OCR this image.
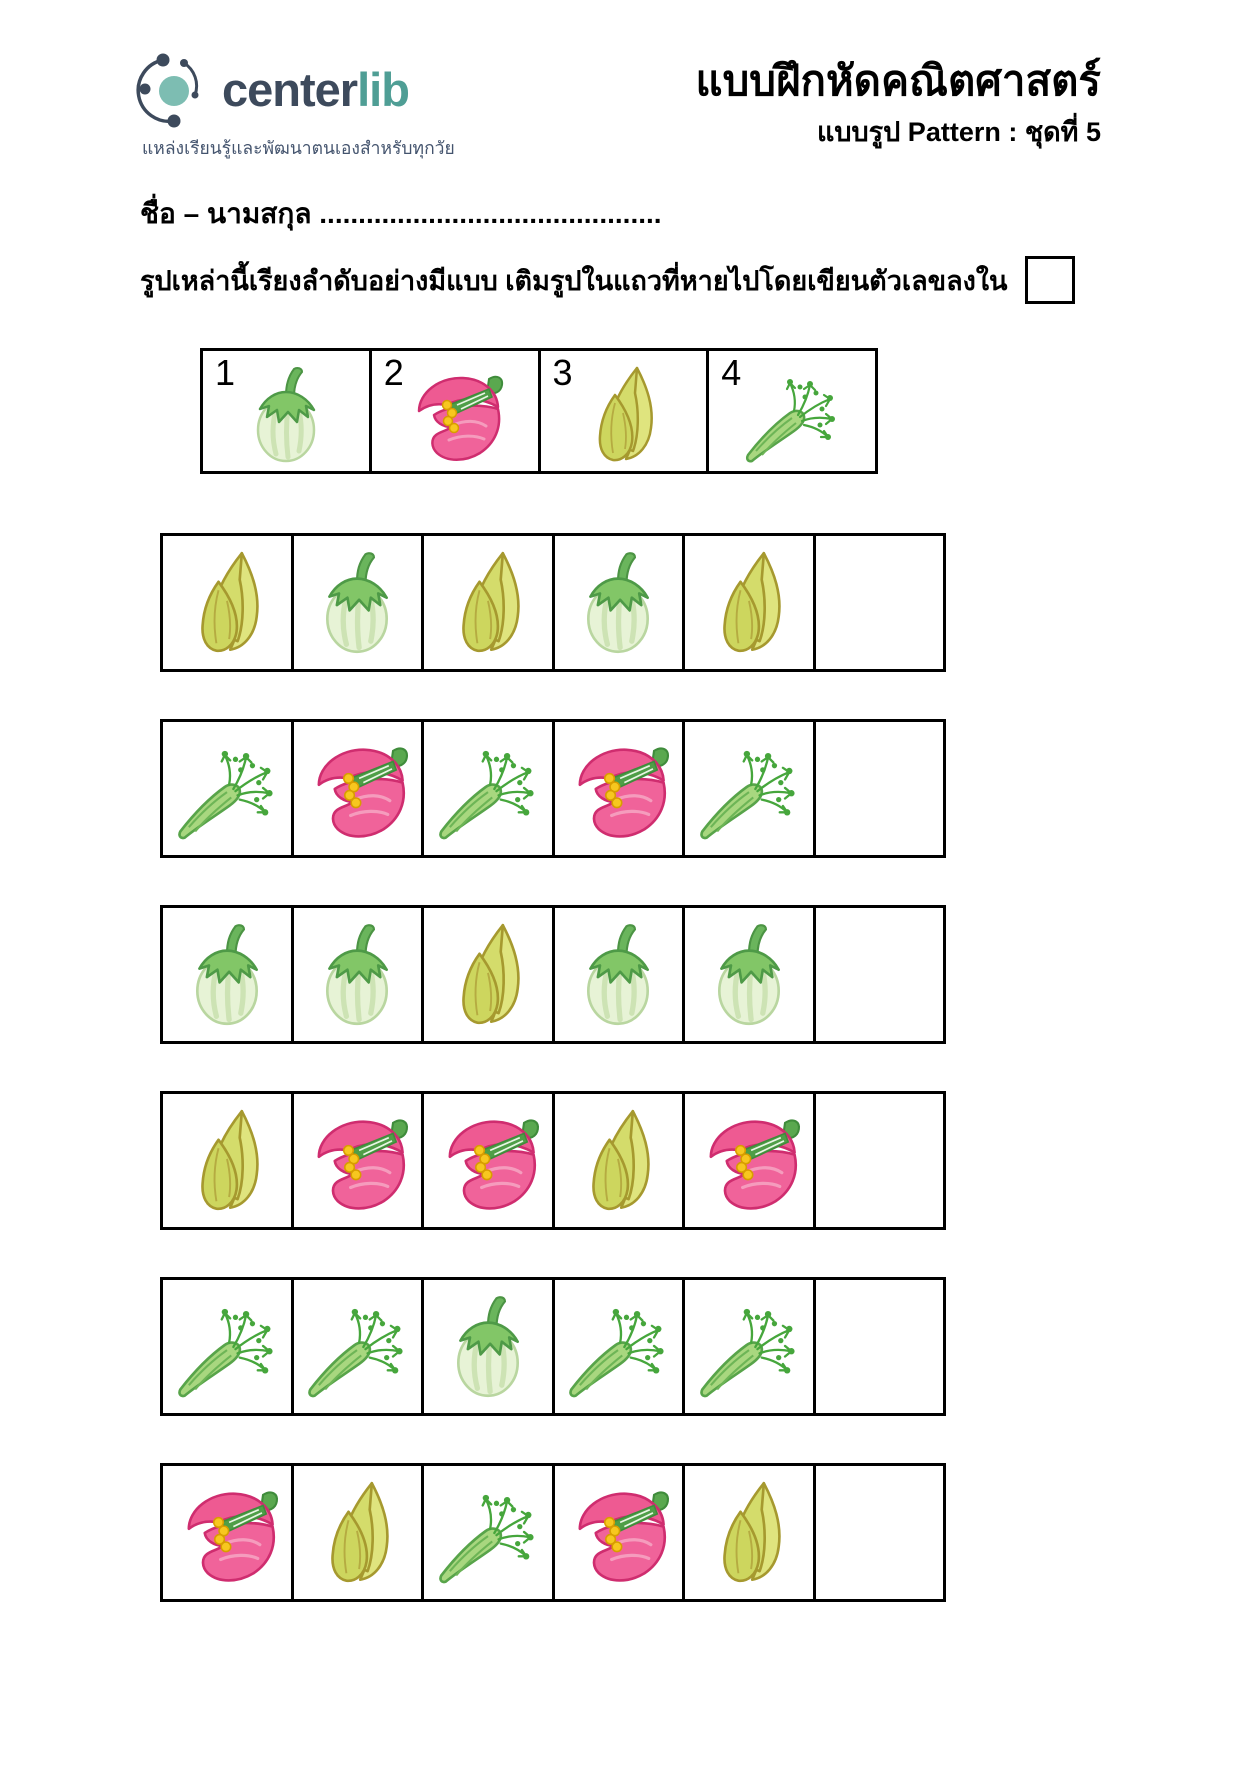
centerlib
แหล่งเรียนรู้และพัฒนาตนเองสำหรับทุกวัย
แบบฝึกหัดคณิตศาสตร์
แบบรูป Pattern : ชุดที่ 5
ชื่อ – นามสกุล ............................................
รูปเหล่านี้เรียงลำดับอย่างมีแบบ เติมรูปในแถวที่หายไปโดยเขียนตัวเลขลงใน
1	2	3	4
